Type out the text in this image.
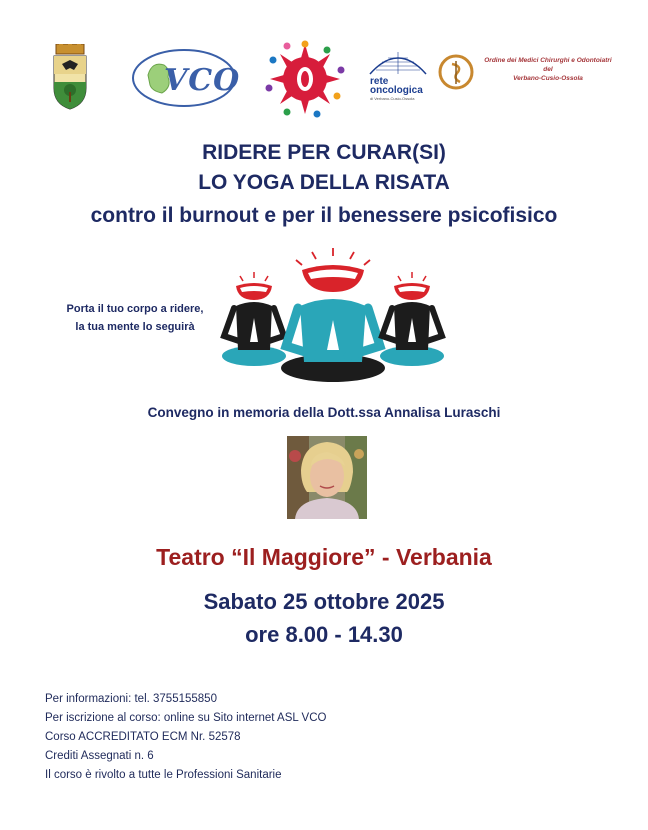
VCO	rete
oncologica
di Verbano-Cusio-Ossola
Ordine dei Medici Chirurghi e Odontoiatri
del
Verbano-Cusio-Ossola
RIDERE PER CURAR(SI)
LO YOGA DELLA RISATA
contro il burnout e per il benessere psicofisico
Porta il tuo corpo a ridere,
la tua mente lo seguirà
Convegno in memoria della Dott.ssa Annalisa Luraschi
Teatro “Il Maggiore” - Verbania
Sabato 25 ottobre 2025
ore 8.00 - 14.30
Per informazioni: tel. 3755155850
Per iscrizione al corso: online su Sito internet ASL VCO
Corso ACCREDITATO ECM Nr. 52578
Crediti Assegnati n. 6
Il corso è rivolto a tutte le Professioni Sanitarie
